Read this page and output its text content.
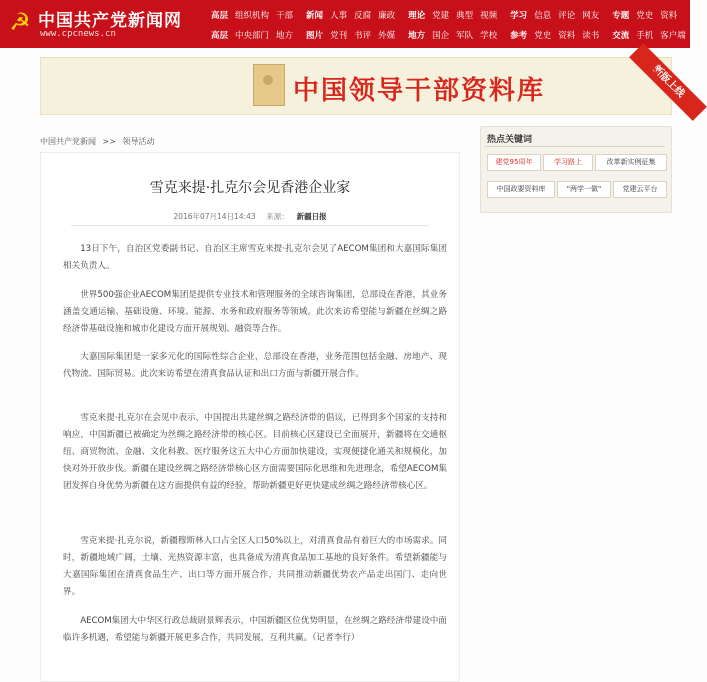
☭ 中国共产党新闻网
www.cpcnews.cn
高层 组织机构 干部 新闻 人事 反腐 廉政 理论 党建 典型 视频 学习 信息 评论 网友 专题 党史 资料
高层 中央部门 地方 图片 党刊 书评 外媒 地方 国企 军队 学校 参考 党史 资料 读书 交流 手机 客户端
中国领导干部资料库	新版上线
NEW
中国共产党新闻 >> 领导活动
雪克来提·扎克尔会见香港企业家
2016年07月14日14:43 来源： 新疆日报
13日下午，自治区党委副书记、自治区主席雪克来提·扎克尔会见了AECOM集团和大嘉国际集团相关负责人。
世界500强企业AECOM集团是提供专业技术和管理服务的全球咨询集团，总部设在香港，其业务涵盖交通运输、基础设施、环境、能源、水务和政府服务等领域。此次来访希望能与新疆在丝绸之路经济带基础设施和城市化建设方面开展规划、融资等合作。
大嘉国际集团是一家多元化的国际性综合企业，总部设在香港，业务范围包括金融、房地产、现代物流、国际贸易。此次来访希望在清真食品认证和出口方面与新疆开展合作。
雪克来提·扎克尔在会见中表示，中国提出共建丝绸之路经济带的倡议，已得到多个国家的支持和响应，中国新疆已被确定为丝绸之路经济带的核心区。目前核心区建设已全面展开，新疆将在交通枢纽、商贸物流、金融、文化科教、医疗服务这五大中心方面加快建设，实现便捷化通关和规模化，加快对外开放步伐。新疆在建设丝绸之路经济带核心区方面需要国际化思维和先进理念，希望AECOM集团发挥自身优势为新疆在这方面提供有益的经验，帮助新疆更好更快建成丝绸之路经济带核心区。
雪克来提·扎克尔说，新疆穆斯林人口占全区人口50%以上，对清真食品有着巨大的市场需求。同时，新疆地域广阔，土壤、光热资源丰富，也具备成为清真食品加工基地的良好条件。希望新疆能与大嘉国际集团在清真食品生产、出口等方面开展合作，共同推动新疆优势农产品走出国门、走向世界。
AECOM集团大中华区行政总裁尉景辉表示，中国新疆区位优势明显，在丝绸之路经济带建设中面临许多机遇，希望能与新疆开展更多合作，共同发展，互利共赢。（记者李行）
热点关键词
建党95周年	学习路上	改革新实例征集
中国政要资料库	"两学一做"	党建云平台
